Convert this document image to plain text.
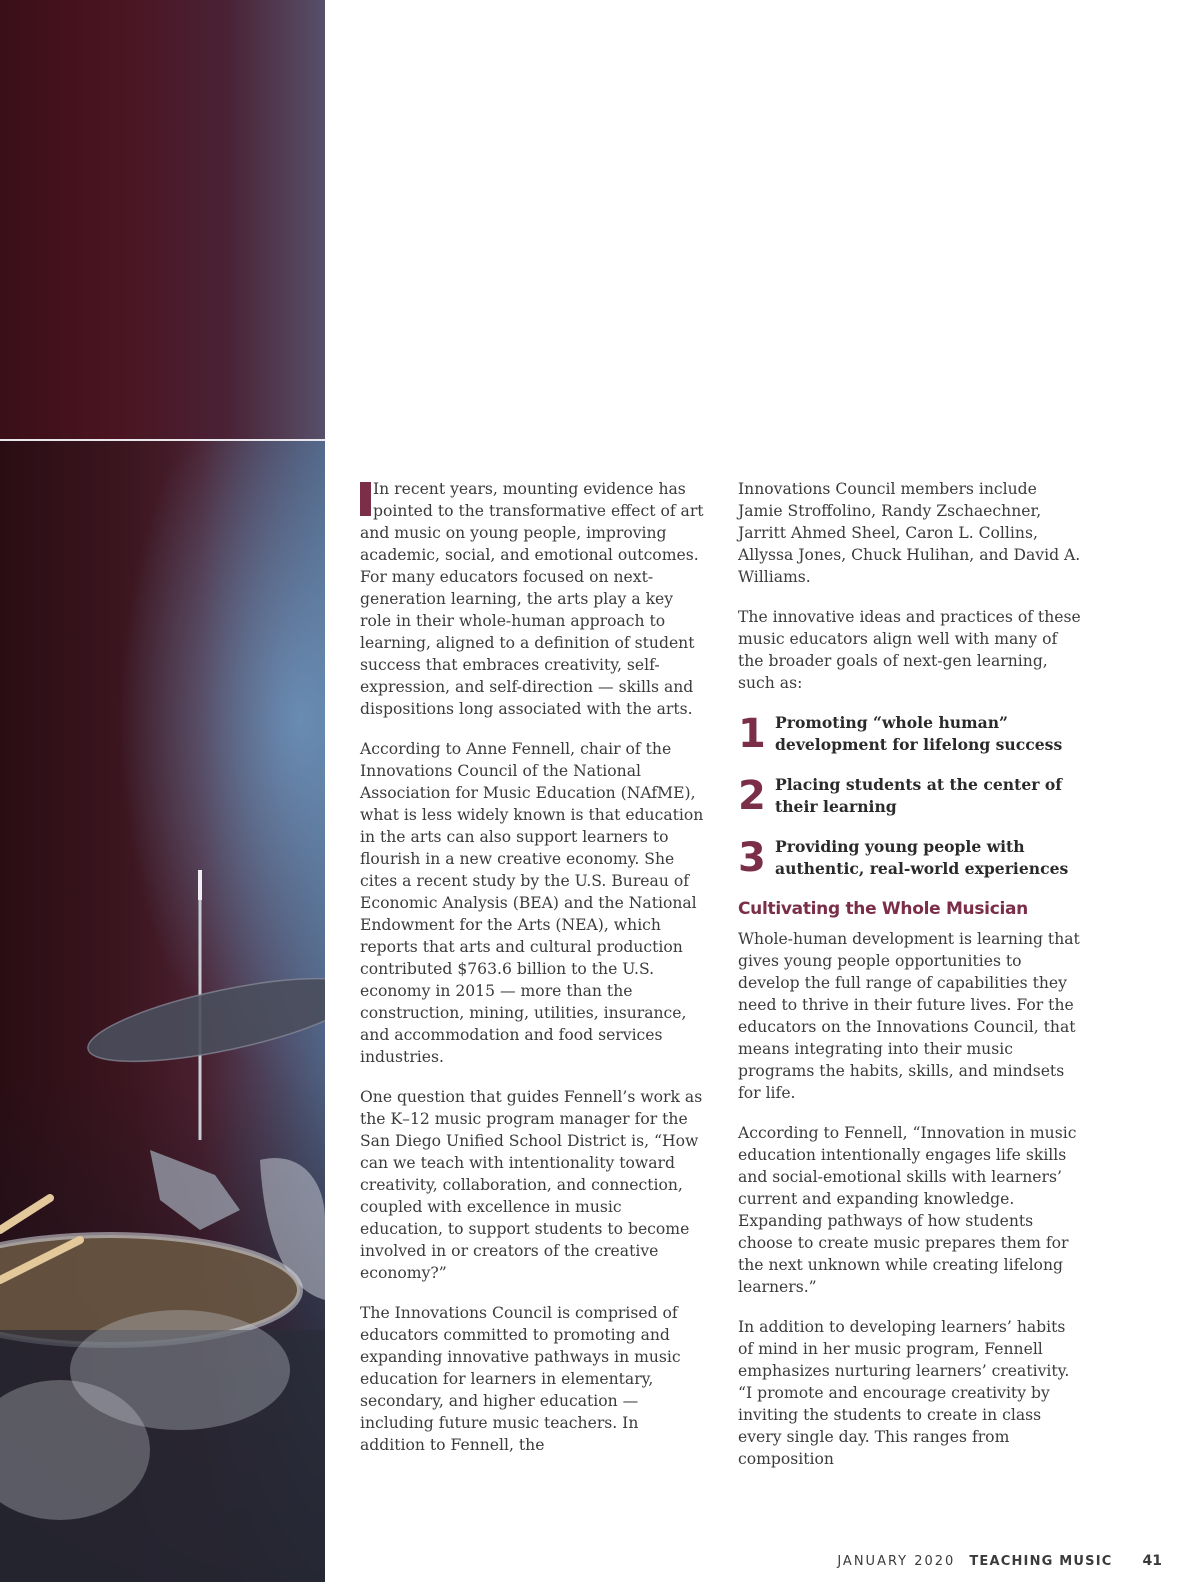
In recent years, mounting evidence has pointed to the transformative effect of art and music on young people, improving academic, social, and emotional outcomes. For many educators focused on next-generation learning, the arts play a key role in their whole-human approach to learning, aligned to a definition of student success that embraces creativity, self-expression, and self-direction — skills and dispositions long associated with the arts.

According to Anne Fennell, chair of the Innovations Council of the National Association for Music Education (NAfME), what is less widely known is that education in the arts can also support learners to flourish in a new creative economy. She cites a recent study by the U.S. Bureau of Economic Analysis (BEA) and the National Endowment for the Arts (NEA), which reports that arts and cultural production contributed $763.6 billion to the U.S. economy in 2015 — more than the construction, mining, utilities, insurance, and accommodation and food services industries.

One question that guides Fennell’s work as the K–12 music program manager for the San Diego Unified School District is, “How can we teach with intentionality toward creativity, collaboration, and connection, coupled with excellence in music education, to support students to become involved in or creators of the creative economy?”

The Innovations Council is comprised of educators committed to promoting and expanding innovative pathways in music education for learners in elementary, secondary, and higher education — including future music teachers. In addition to Fennell, the

Innovations Council members include Jamie Stroffolino, Randy Zschaechner, Jarritt Ahmed Sheel, Caron L. Collins, Allyssa Jones, Chuck Hulihan, and David A. Williams.

The innovative ideas and practices of these music educators align well with many of the broader goals of next-gen learning, such as:

1 Promoting “whole human” development for lifelong success
2 Placing students at the center of their learning
3 Providing young people with authentic, real-world experiences
Cultivating the Whole Musician

Whole-human development is learning that gives young people opportunities to develop the full range of capabilities they need to thrive in their future lives. For the educators on the Innovations Council, that means integrating into their music programs the habits, skills, and mindsets for life.

According to Fennell, “Innovation in music education intentionally engages life skills and social-emotional skills with learners’ current and expanding knowledge. Expanding pathways of how students choose to create music prepares them for the next unknown while creating lifelong learners.”

In addition to developing learners’ habits of mind in her music program, Fennell emphasizes nurturing learners’ creativity. “I promote and encourage creativity by inviting the students to create in class every single day. This ranges from composition

JANUARY 2020 TEACHING MUSIC 41
